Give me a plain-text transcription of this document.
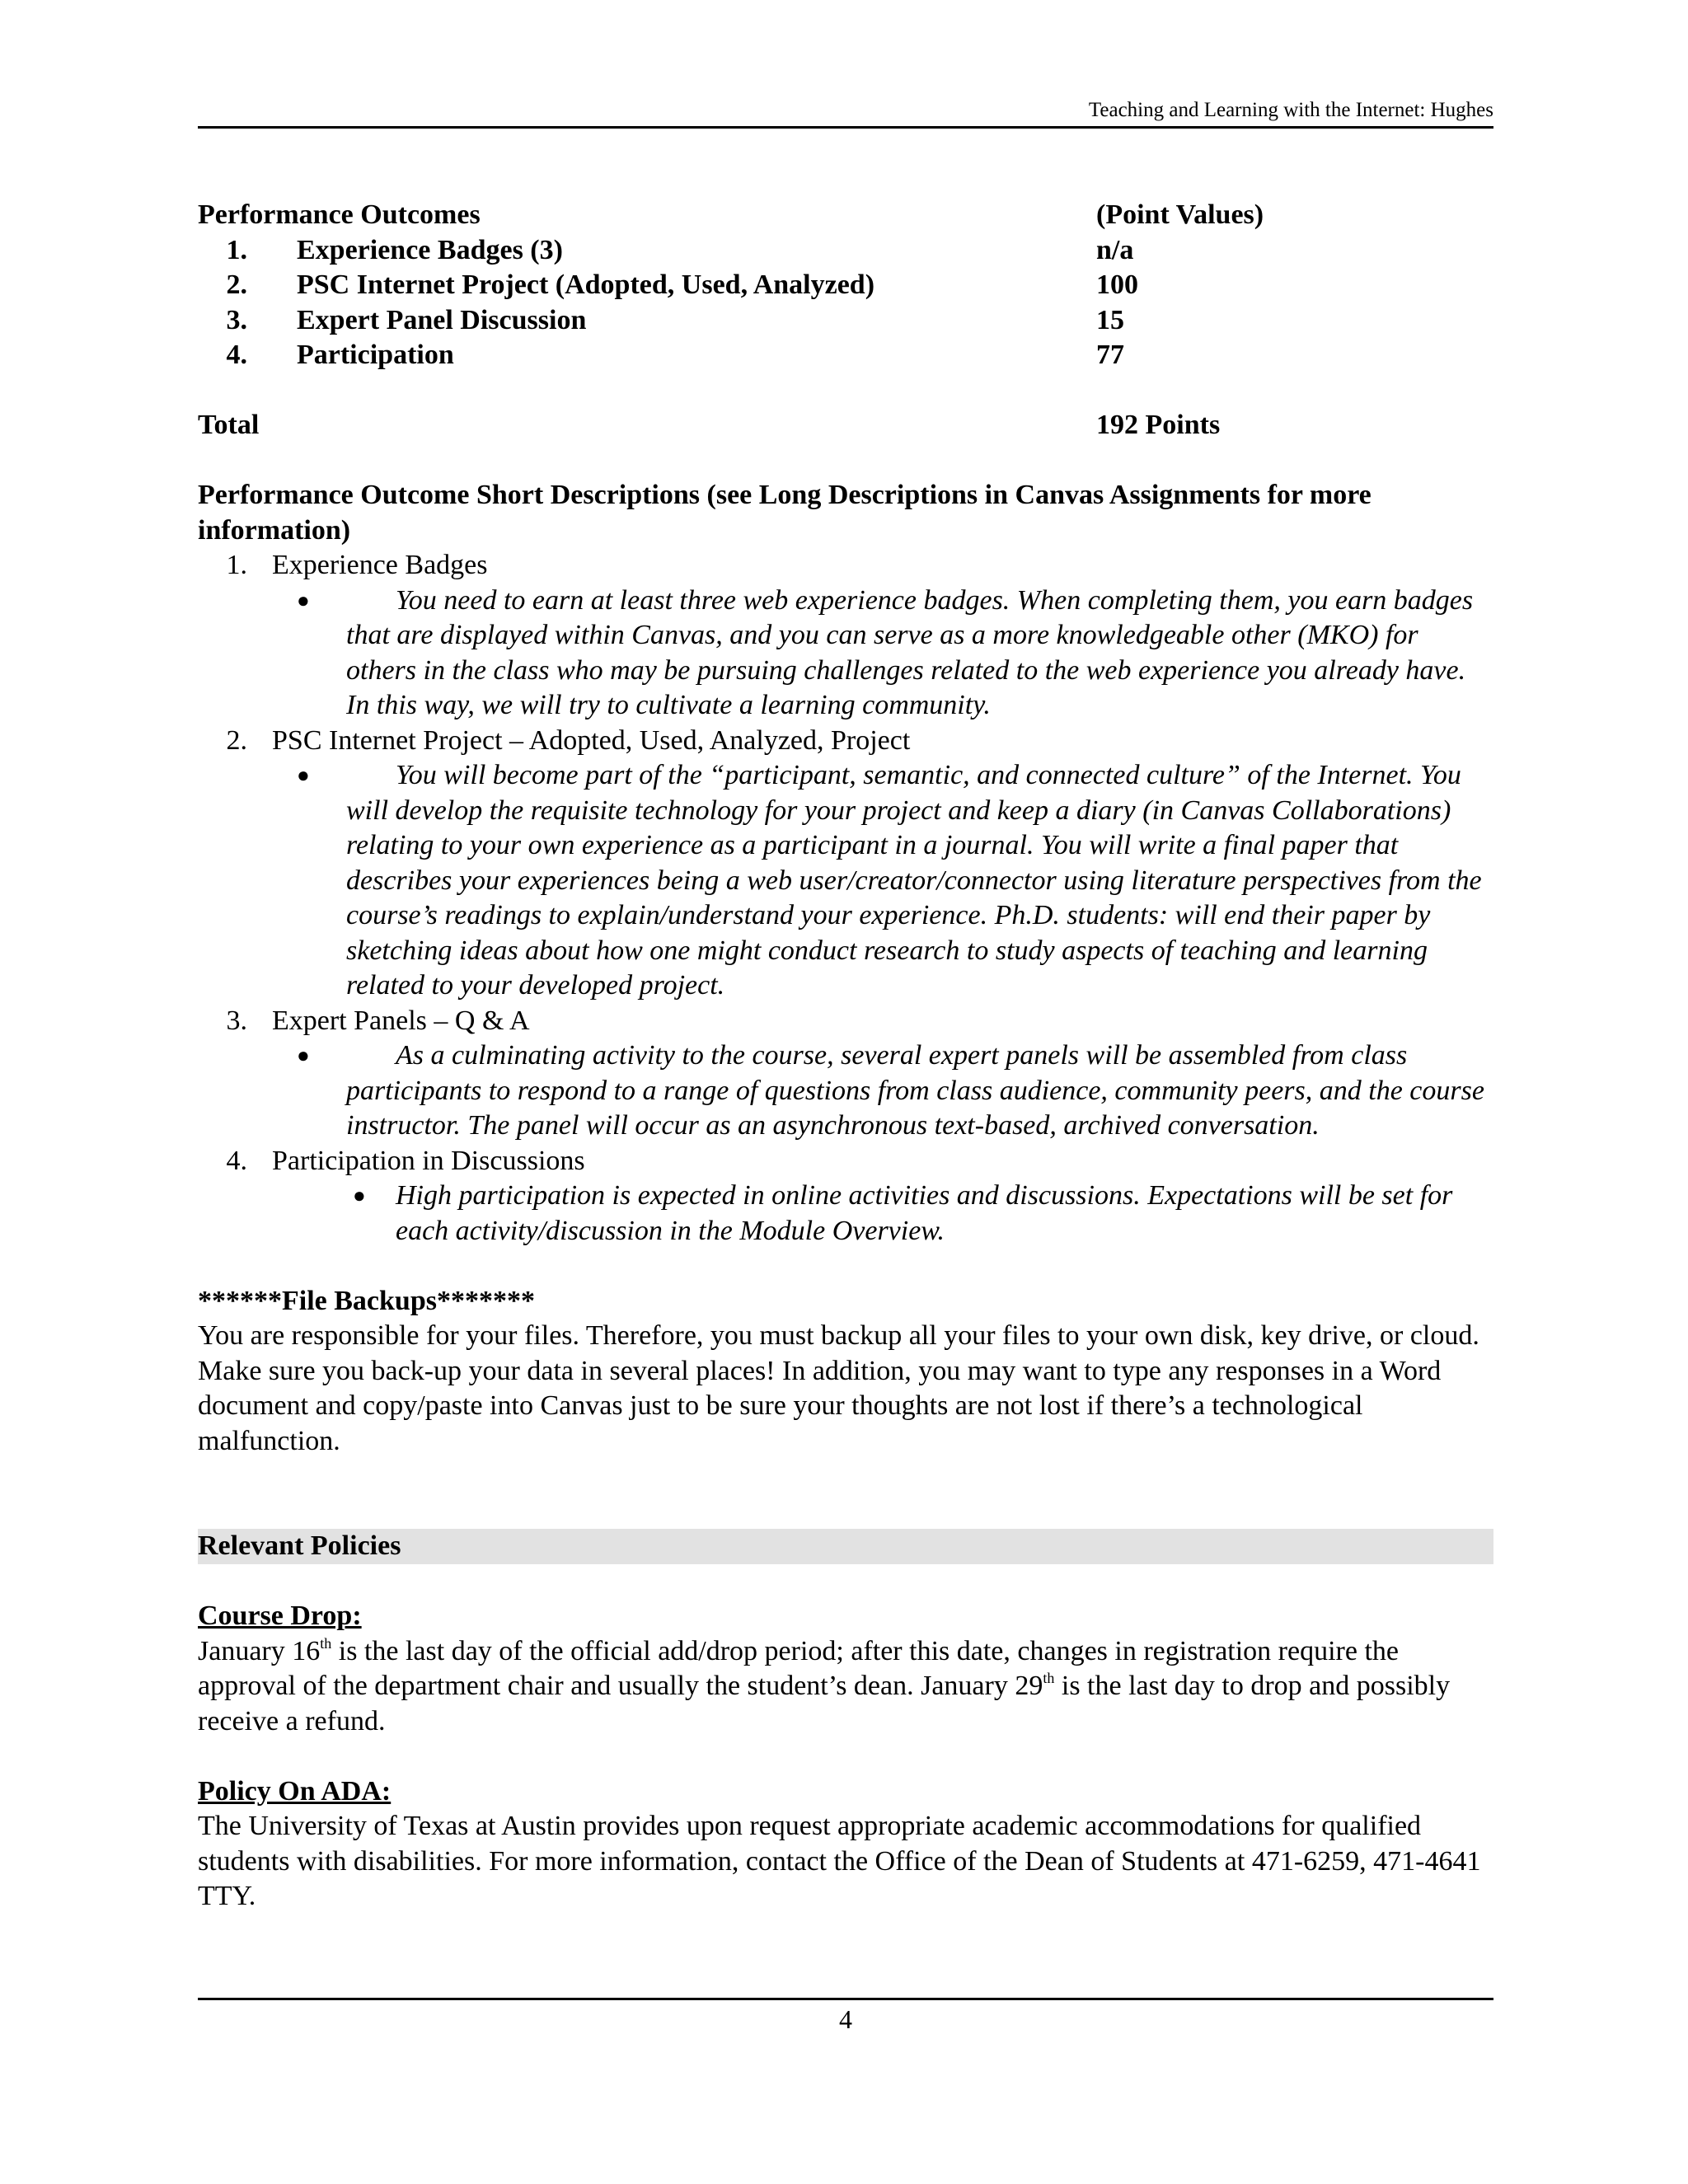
Teaching and Learning with the Internet: Hughes
Performance Outcomes	(Point Values)
1.	Experience Badges (3)	n/a
2.	PSC Internet Project (Adopted, Used, Analyzed)	100
3.	Expert Panel Discussion	15
4.	Participation	77
Total	192 Points

Performance Outcome Short Descriptions (see Long Descriptions in Canvas Assignments for more information)

1. Experience Badges
●	You need to earn at least three web experience badges. When completing them, you earn badges that are displayed within Canvas, and you can serve as a more knowledgeable other (MKO) for others in the class who may be pursuing challenges related to the web experience you already have. In this way, we will try to cultivate a learning community.

2. PSC Internet Project – Adopted, Used, Analyzed, Project
●	You will become part of the “participant, semantic, and connected culture” of the Internet. You will develop the requisite technology for your project and keep a diary (in Canvas Collaborations) relating to your own experience as a participant in a journal. You will write a final paper that describes your experiences being a web user/creator/connector using literature perspectives from the course’s readings to explain/understand your experience. Ph.D. students: will end their paper by sketching ideas about how one might conduct research to study aspects of teaching and learning related to your developed project.

3. Expert Panels – Q & A
●	As a culminating activity to the course, several expert panels will be assembled from class participants to respond to a range of questions from class audience, community peers, and the course instructor. The panel will occur as an asynchronous text-based, archived conversation.

4. Participation in Discussions
● High participation is expected in online activities and discussions. Expectations will be set for each activity/discussion in the Module Overview.

******File Backups*******

You are responsible for your files. Therefore, you must backup all your files to your own disk, key drive, or cloud. Make sure you back-up your data in several places! In addition, you may want to type any responses in a Word document and copy/paste into Canvas just to be sure your thoughts are not lost if there’s a technological malfunction.

Relevant Policies

Course Drop:

January 16th is the last day of the official add/drop period; after this date, changes in registration require the approval of the department chair and usually the student’s dean. January 29th is the last day to drop and possibly receive a refund.

Policy On ADA:

The University of Texas at Austin provides upon request appropriate academic accommodations for qualified students with disabilities. For more information, contact the Office of the Dean of Students at 471-6259, 471-4641 TTY.

4
